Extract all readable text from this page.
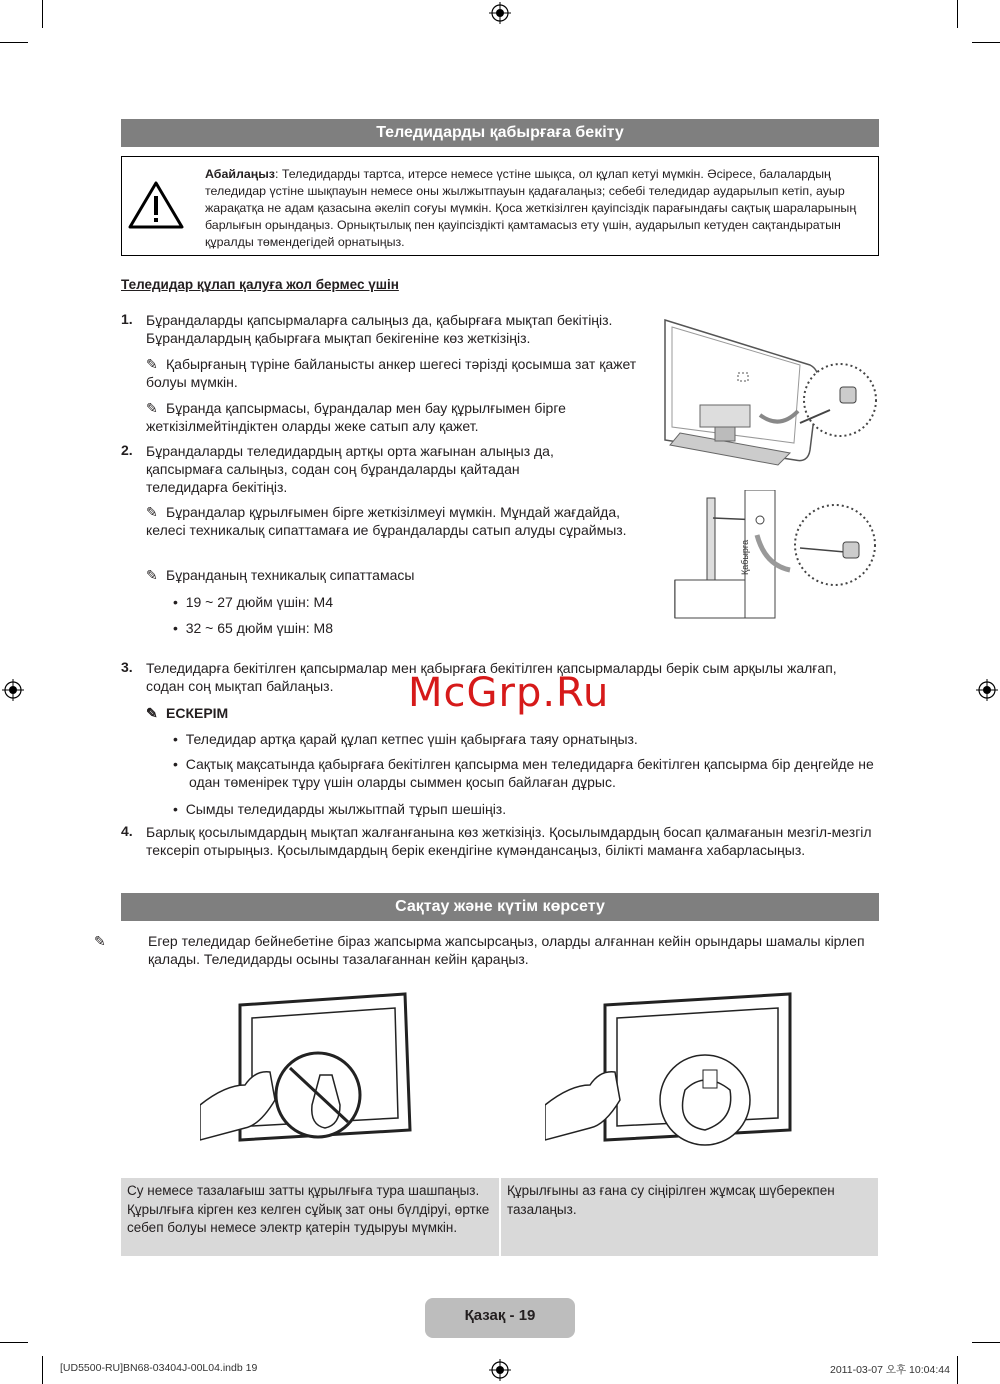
Теледидарды қабырғаға бекіту
Абайлаңыз: Теледидарды тартса, итерсе немесе үстіне шықса, ол құлап кетуі мүмкін. Әсіресе, балалардың теледидар үстіне шықпауын немесе оны жылжытпауын қадағалаңыз; себебі теледидар аударылып кетіп, ауыр жарақатқа не адам қазасына әкеліп соғуы мүмкін. Қоса жеткізілген қауіпсіздік парағындағы сақтық шараларының барлығын орындаңыз. Орнықтылық пен қауіпсіздікті қамтамасыз ету үшін, аударылып кетуден сақтандыратын құралды төмендегідей орнатыңыз.
Теледидар құлап қалуға жол бермес үшін
1. Бұрандаларды қапсырмаларға салыңыз да, қабырғаға мықтап бекітіңіз. Бұрандалардың қабырғаға мықтап бекігеніне көз жеткізіңіз.
✎ Қабырғаның түріне байланысты анкер шегесі тәрізді қосымша зат қажет болуы мүмкін.
✎ Бұранда қапсырмасы, бұрандалар мен бау құрылғымен бірге жеткізілмейтіндіктен оларды жеке сатып алу қажет.
2. Бұрандаларды теледидардың артқы орта жағынан алыңыз да, қапсырмаға салыңыз, содан соң бұрандаларды қайтадан теледидарға бекітіңіз.
✎ Бұрандалар құрылғымен бірге жеткізілмеуі мүмкін. Мұндай жағдайда, келесі техникалық сипаттамаға ие бұрандаларды сатып алуды сұраймыз.
✎ Бұранданың техникалық сипаттамасы
•  19 ~ 27 дюйм үшін: M4
•  32 ~ 65 дюйм үшін: M8
Қабырға
3. Теледидарға бекітілген қапсырмалар мен қабырғаға бекітілген қапсырмаларды берік сым арқылы жалғап, содан соң мықтап байлаңыз.
✎ ЕСКЕРІМ
•  Теледидар артқа қарай құлап кетпес үшін қабырғаға таяу орнатыңыз.
•  Сақтық мақсатында қабырғаға бекітілген қапсырма мен теледидарға бекітілген қапсырма бір деңгейде не одан төменірек тұру үшін оларды сыммен қосып байлаған дұрыс.
•  Сымды теледидарды жылжытпай тұрып шешіңіз.
4. Барлық қосылымдардың мықтап жалғанғанына көз жеткізіңіз. Қосылымдардың босап қалмағанын мезгіл-мезгіл тексеріп отырыңыз. Қосылымдардың берік екендігіне күмәндансаңыз, білікті маманға хабарласыңыз.
Сақтау және күтім көрсету
✎	Егер теледидар бейнебетіне біраз жапсырма жапсырсаңыз, оларды алғаннан кейін орындары шамалы кірлеп қалады. Теледидарды осыны тазалағаннан кейін қараңыз.
Су немесе тазалағыш затты құрылғыға тура шашпаңыз. Құрылғыға кірген кез келген сұйық зат оны бүлдіруі, өртке себеп болуы немесе электр қатерін тудыруы мүмкін.
Құрылғыны аз ғана су сіңірілген жұмсақ шүберекпен тазалаңыз.
McGrp.Ru
Қазақ - 19
[UD5500-RU]BN68-03404J-00L04.indb 19	2011-03-07 오후 10:04:44
